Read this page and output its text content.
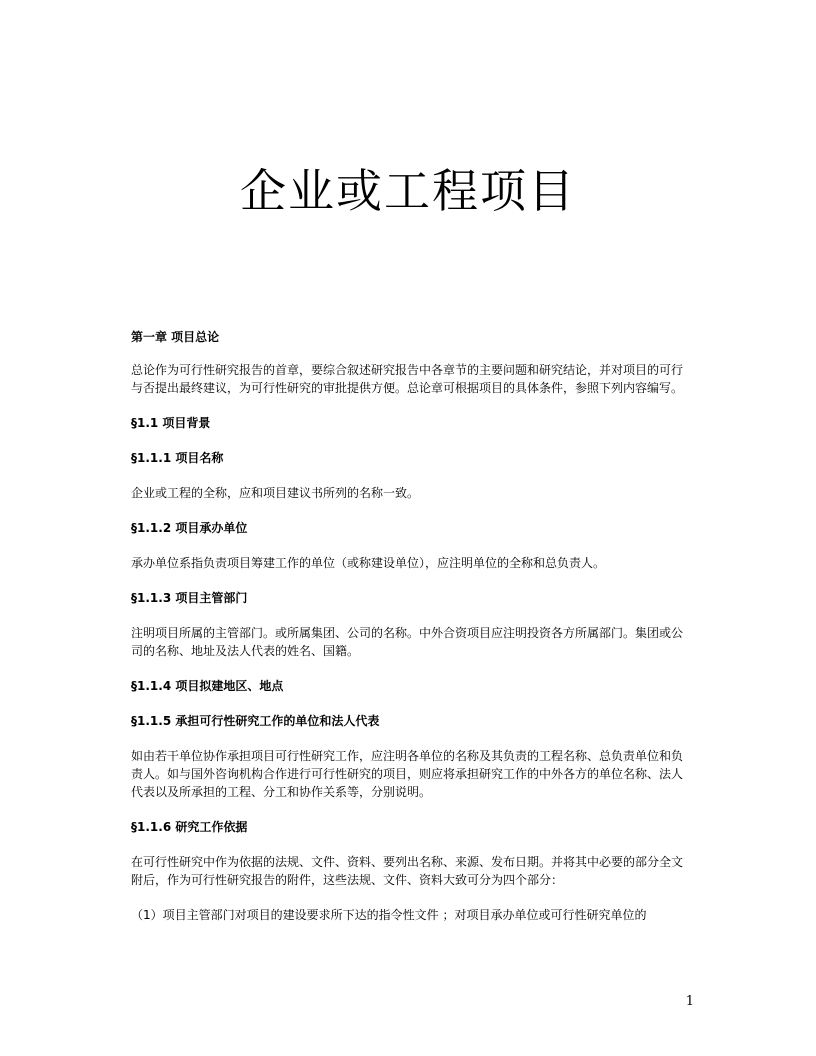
企业或工程项目

第一章 项目总论

总论作为可行性研究报告的首章，要综合叙述研究报告中各章节的主要问题和研究结论，并对项目的可行与否提出最终建议，为可行性研究的审批提供方便。总论章可根据项目的具体条件，参照下列内容编写。

§1.1 项目背景

§1.1.1 项目名称

企业或工程的全称，应和项目建议书所列的名称一致。

§1.1.2 项目承办单位

承办单位系指负责项目筹建工作的单位（或称建设单位），应注明单位的全称和总负责人。

§1.1.3 项目主管部门

注明项目所属的主管部门。或所属集团、公司的名称。中外合资项目应注明投资各方所属部门。集团或公司的名称、地址及法人代表的姓名、国籍。

§1.1.4 项目拟建地区、地点

§1.1.5 承担可行性研究工作的单位和法人代表

如由若干单位协作承担项目可行性研究工作，应注明各单位的名称及其负责的工程名称、总负责单位和负责人。如与国外咨询机构合作进行可行性研究的项目，则应将承担研究工作的中外各方的单位名称、法人代表以及所承担的工程、分工和协作关系等，分别说明。

§1.1.6 研究工作依据

在可行性研究中作为依据的法规、文件、资料、要列出名称、来源、发布日期。并将其中必要的部分全文附后，作为可行性研究报告的附件，这些法规、文件、资料大致可分为四个部分：

（1）项目主管部门对项目的建设要求所下达的指令性文件 ；对项目承办单位或可行性研究单位的

1
